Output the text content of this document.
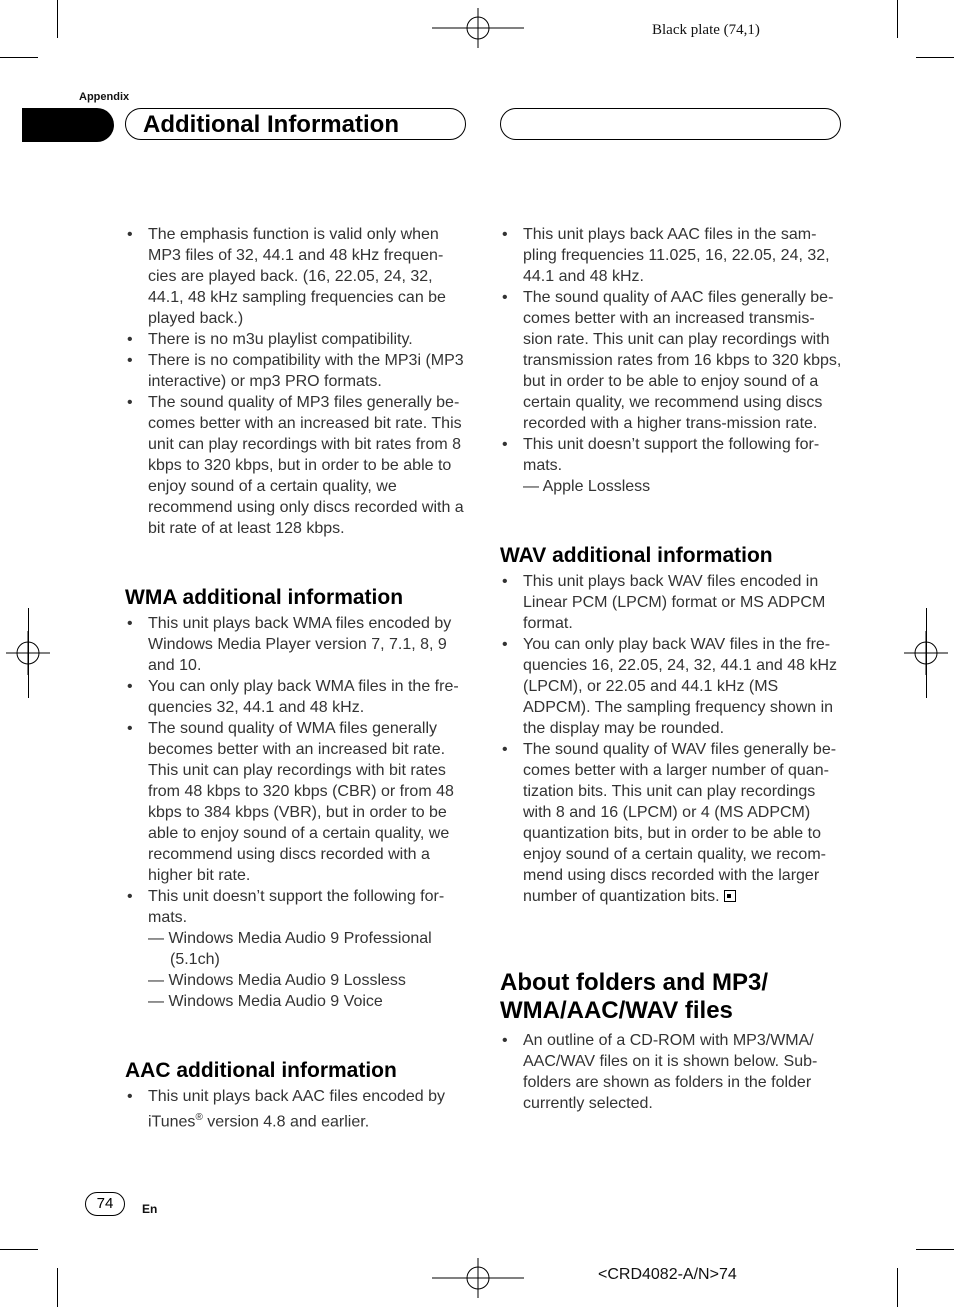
Black plate (74,1)
Appendix
Additional Information
• The emphasis function is valid only when MP3 files of 32, 44.1 and 48 kHz frequen-cies are played back. (16, 22.05, 24, 32, 44.1, 48 kHz sampling frequencies can be played back.)
• There is no m3u playlist compatibility.
• There is no compatibility with the MP3i (MP3 interactive) or mp3 PRO formats.
• The sound quality of MP3 files generally be-comes better with an increased bit rate. This unit can play recordings with bit rates from 8 kbps to 320 kbps, but in order to be able to enjoy sound of a certain quality, we recommend using only discs recorded with a bit rate of at least 128 kbps.
WMA additional information
• This unit plays back WMA files encoded by Windows Media Player version 7, 7.1, 8, 9 and 10.
• You can only play back WMA files in the fre-quencies 32, 44.1 and 48 kHz.
• The sound quality of WMA files generally becomes better with an increased bit rate. This unit can play recordings with bit rates from 48 kbps to 320 kbps (CBR) or from 48 kbps to 384 kbps (VBR), but in order to be able to enjoy sound of a certain quality, we recommend using discs recorded with a higher bit rate.
• This unit doesn’t support the following for-mats.
— Windows Media Audio 9 Professional (5.1ch)
— Windows Media Audio 9 Lossless
— Windows Media Audio 9 Voice
AAC additional information
• This unit plays back AAC files encoded by iTunes® version 4.8 and earlier.
• This unit plays back AAC files in the sam-pling frequencies 11.025, 16, 22.05, 24, 32, 44.1 and 48 kHz.
• The sound quality of AAC files generally be-comes better with an increased transmis-sion rate. This unit can play recordings with transmission rates from 16 kbps to 320 kbps, but in order to be able to enjoy sound of a certain quality, we recommend using discs recorded with a higher trans-mission rate.
• This unit doesn’t support the following for-mats.
— Apple Lossless
WAV additional information
• This unit plays back WAV files encoded in Linear PCM (LPCM) format or MS ADPCM format.
• You can only play back WAV files in the fre-quencies 16, 22.05, 24, 32, 44.1 and 48 kHz (LPCM), or 22.05 and 44.1 kHz (MS ADPCM). The sampling frequency shown in the display may be rounded.
• The sound quality of WAV files generally be-comes better with a larger number of quan-tization bits. This unit can play recordings with 8 and 16 (LPCM) or 4 (MS ADPCM) quantization bits, but in order to be able to enjoy sound of a certain quality, we recom-mend using discs recorded with the larger number of quantization bits.
About folders and MP3/ WMA/AAC/WAV files
• An outline of a CD-ROM with MP3/WMA/ AAC/WAV files on it is shown below. Sub-folders are shown as folders in the folder currently selected.
74	En
<CRD4082-A/N>74
